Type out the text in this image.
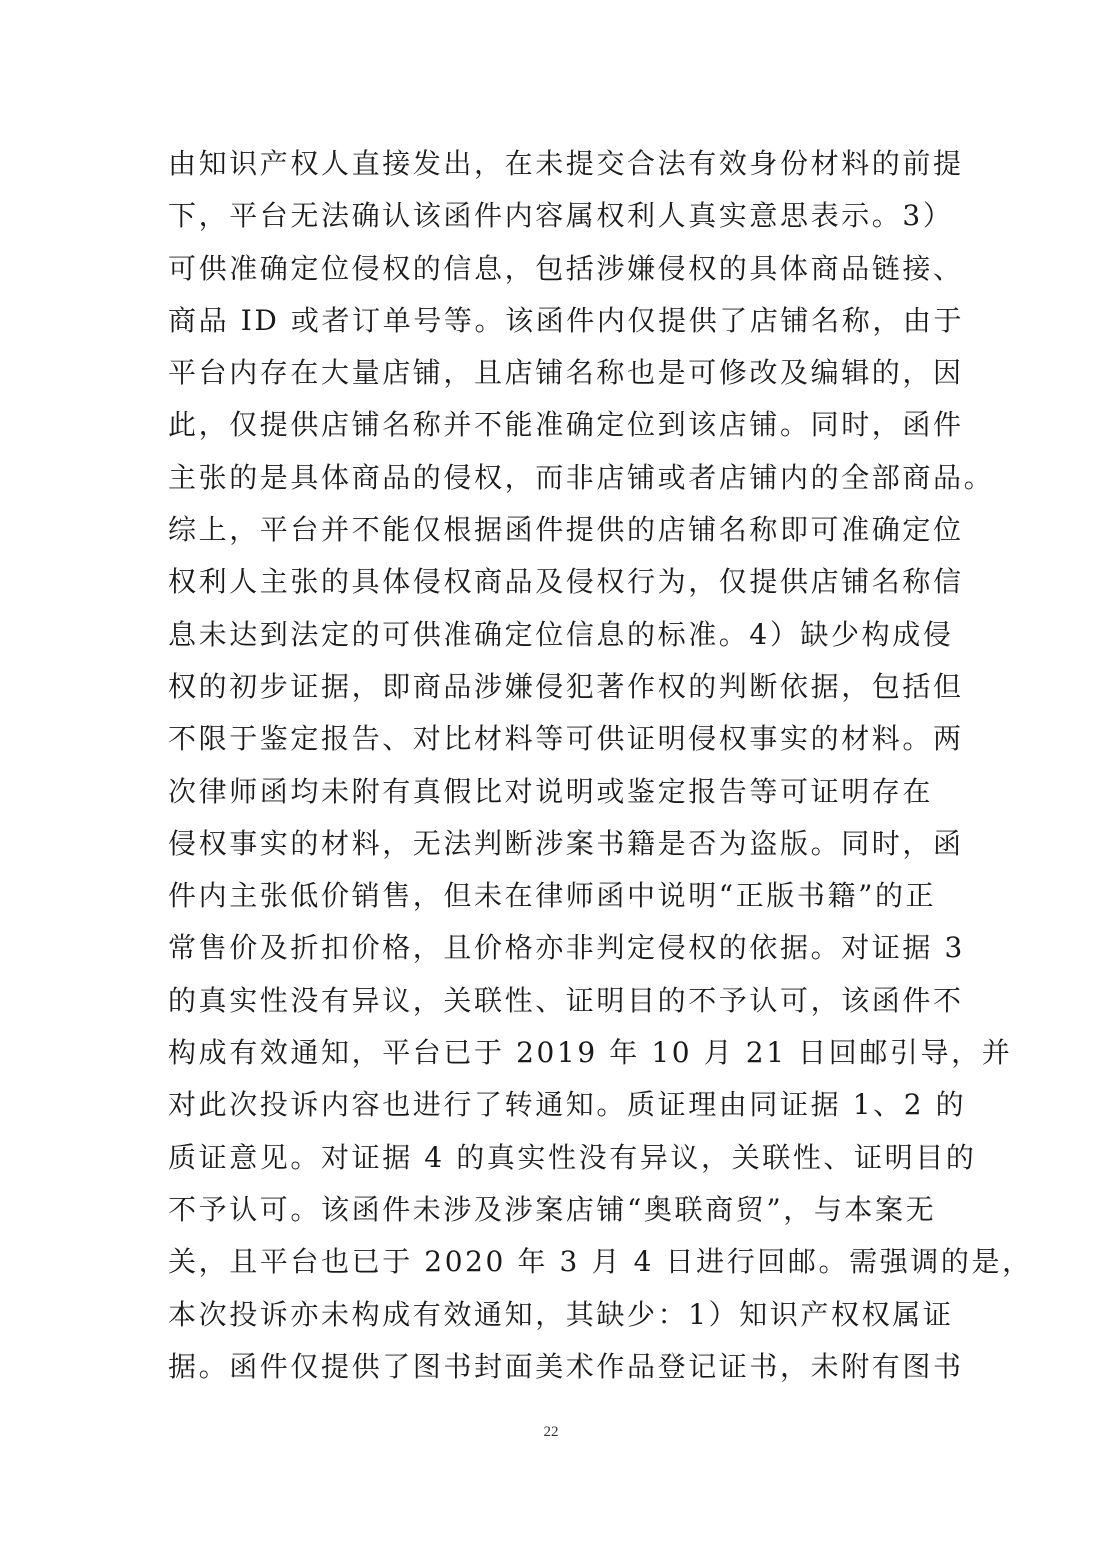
由知识产权人直接发出，在未提交合法有效身份材料的前提
下，平台无法确认该函件内容属权利人真实意思表示。3）
可供准确定位侵权的信息，包括涉嫌侵权的具体商品链接、
商品 ID 或者订单号等。该函件内仅提供了店铺名称，由于
平台内存在大量店铺，且店铺名称也是可修改及编辑的，因
此，仅提供店铺名称并不能准确定位到该店铺。同时，函件
主张的是具体商品的侵权，而非店铺或者店铺内的全部商品。
综上，平台并不能仅根据函件提供的店铺名称即可准确定位
权利人主张的具体侵权商品及侵权行为，仅提供店铺名称信
息未达到法定的可供准确定位信息的标准。4）缺少构成侵
权的初步证据，即商品涉嫌侵犯著作权的判断依据，包括但
不限于鉴定报告、对比材料等可供证明侵权事实的材料。两
次律师函均未附有真假比对说明或鉴定报告等可证明存在
侵权事实的材料，无法判断涉案书籍是否为盗版。同时，函
件内主张低价销售，但未在律师函中说明“正版书籍”的正
常售价及折扣价格，且价格亦非判定侵权的依据。对证据 3
的真实性没有异议，关联性、证明目的不予认可，该函件不
构成有效通知，平台已于 2019 年 10 月 21 日回邮引导，并
对此次投诉内容也进行了转通知。质证理由同证据 1、2 的
质证意见。对证据 4 的真实性没有异议，关联性、证明目的
不予认可。该函件未涉及涉案店铺“奥联商贸”，与本案无
关，且平台也已于 2020 年 3 月 4 日进行回邮。需强调的是，
本次投诉亦未构成有效通知，其缺少：1）知识产权权属证
据。函件仅提供了图书封面美术作品登记证书，未附有图书
22
